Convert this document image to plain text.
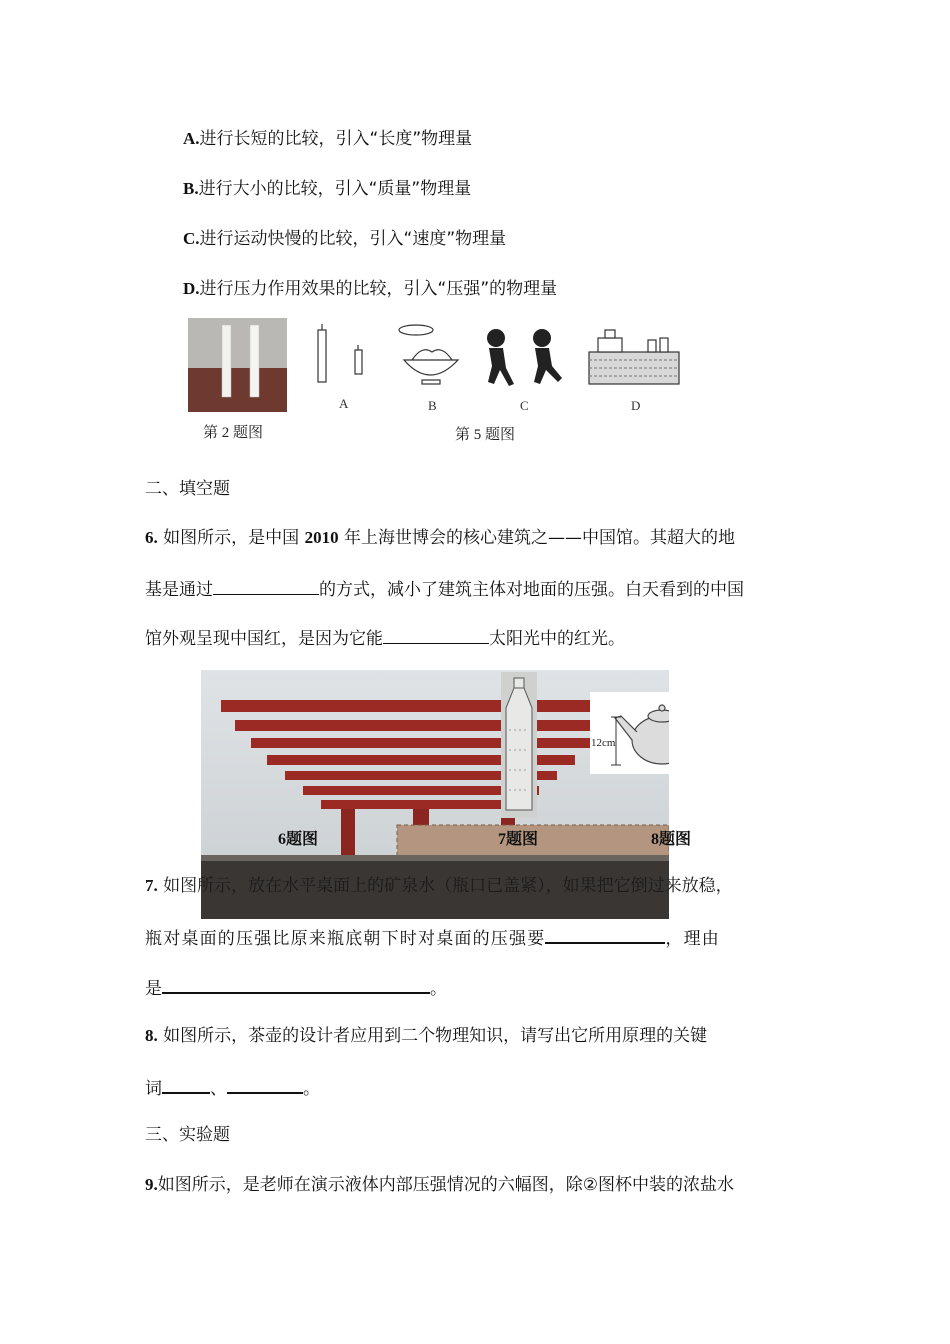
A.进行长短的比较，引入“长度”物理量
B.进行大小的比较，引入“质量”物理量
C.进行运动快慢的比较，引入“速度”物理量
D.进行压力作用效果的比较，引入“压强”的物理量
A	B	C	D
第 2 题图	第 5 题图
二、填空题
6. 如图所示，是中国 2010 年上海世博会的核心建筑之——中国馆。其超大的地
基是通过	的方式，减小了建筑主体对地面的压强。白天看到的中国
馆外观呈现中国红，是因为它能	太阳光中的红光。
12cm
6题图	7题图	8题图
7. 如图所示，放在水平桌面上的矿泉水（瓶口已盖紧），如果把它倒过来放稳，
瓶对桌面的压强比原来瓶底朝下时对桌面的压强要	，理由
是	。
8. 如图所示，茶壶的设计者应用到二个物理知识，请写出它所用原理的关键
词	、	。
三、实验题
9.如图所示，是老师在演示液体内部压强情况的六幅图，除②图杯中装的浓盐水
